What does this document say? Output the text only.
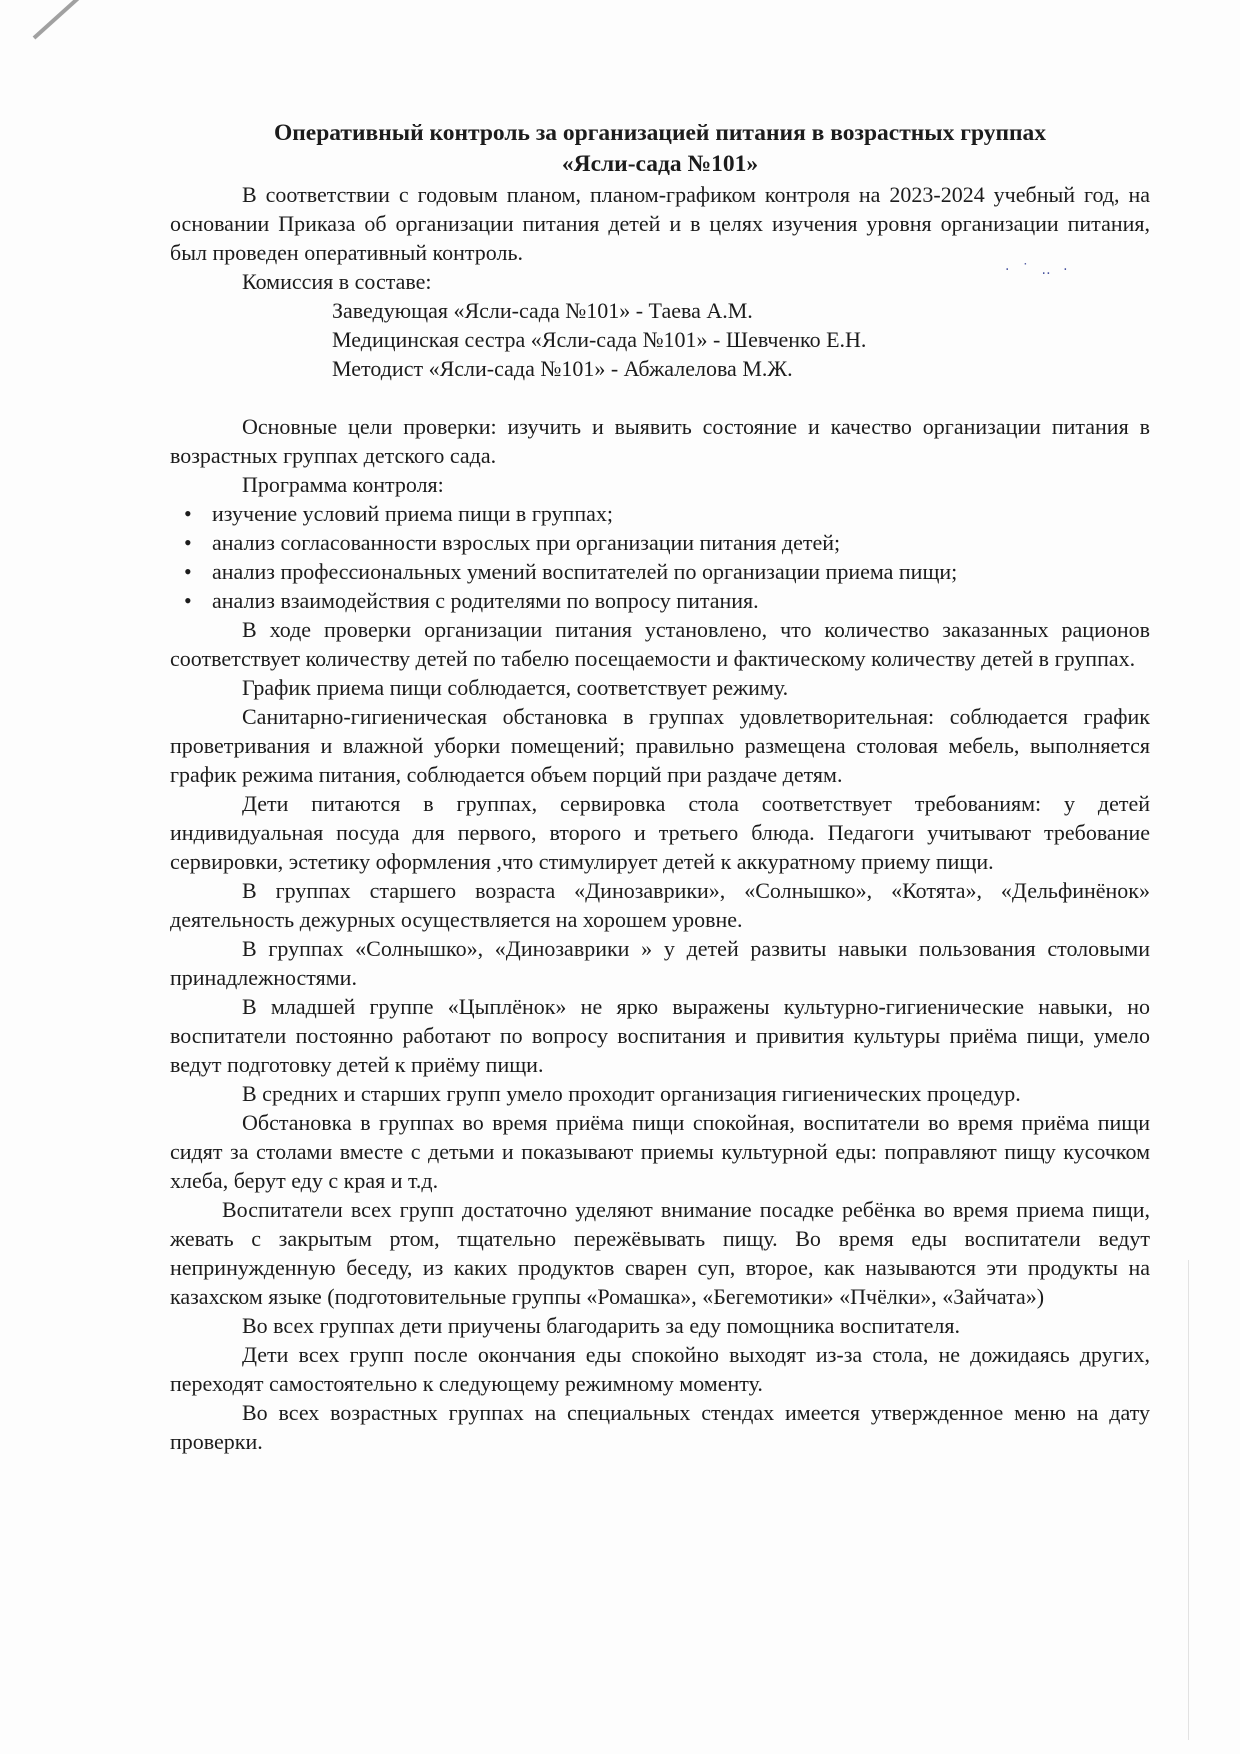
· ˙ ‥ ·
Оперативный контроль за организацией питания в возрастных группах
«Ясли-сада №101»

В соответствии с годовым планом, планом-графиком контроля на 2023-2024 учебный год, на основании Приказа об организации питания детей и в целях изучения уровня организации питания, был проведен оперативный контроль.

Комиссия в составе:

Заведующая «Ясли-сада №101» - Таева А.М.

Медицинская сестра «Ясли-сада №101» - Шевченко Е.Н.

Методист «Ясли-сада №101» - Абжалелова М.Ж.

Основные цели проверки: изучить и выявить состояние и качество организации питания в возрастных группах детского сада.

Программа контроля:

• изучение условий приема пищи в группах;
• анализ согласованности взрослых при организации питания детей;
• анализ профессиональных умений воспитателей по организации приема пищи;
• анализ взаимодействия с родителями по вопросу питания.

В ходе проверки организации питания установлено, что количество заказанных рационов соответствует количеству детей по табелю посещаемости и фактическому количеству детей в группах.

График приема пищи соблюдается, соответствует режиму.

Санитарно-гигиеническая обстановка в группах удовлетворительная: соблюдается график проветривания и влажной уборки помещений; правильно размещена столовая мебель, выполняется график режима питания, соблюдается объем порций при раздаче детям.

Дети питаются в группах, сервировка стола соответствует требованиям: у детей индивидуальная посуда для первого, второго и третьего блюда. Педагоги учитывают требование сервировки, эстетику оформления ,что стимулирует детей к аккуратному приему пищи.

В группах старшего возраста «Динозаврики», «Солнышко», «Котята», «Дельфинёнок» деятельность дежурных осуществляется на хорошем уровне.

В группах «Солнышко», «Динозаврики » у детей развиты навыки пользования столовыми принадлежностями.

В младшей группе «Цыплёнок» не ярко выражены культурно-гигиенические навыки, но воспитатели постоянно работают по вопросу воспитания и привития культуры приёма пищи, умело ведут подготовку детей к приёму пищи.

В средних и старших групп умело проходит организация гигиенических процедур.

Обстановка в группах во время приёма пищи спокойная, воспитатели во время приёма пищи сидят за столами вместе с детьми и показывают приемы культурной еды: поправляют пищу кусочком хлеба, берут еду с края и т.д.

Воспитатели всех групп достаточно уделяют внимание посадке ребёнка во время приема пищи, жевать с закрытым ртом, тщательно пережёвывать пищу. Во время еды воспитатели ведут непринужденную беседу, из каких продуктов сварен суп, второе, как называются эти продукты на казахском языке (подготовительные группы «Ромашка», «Бегемотики» «Пчёлки», «Зайчата»)

Во всех группах дети приучены благодарить за еду помощника воспитателя.

Дети всех групп после окончания еды спокойно выходят из-за стола, не дожидаясь других, переходят самостоятельно к следующему режимному моменту.

Во всех возрастных группах на специальных стендах имеется утвержденное меню на дату проверки.
